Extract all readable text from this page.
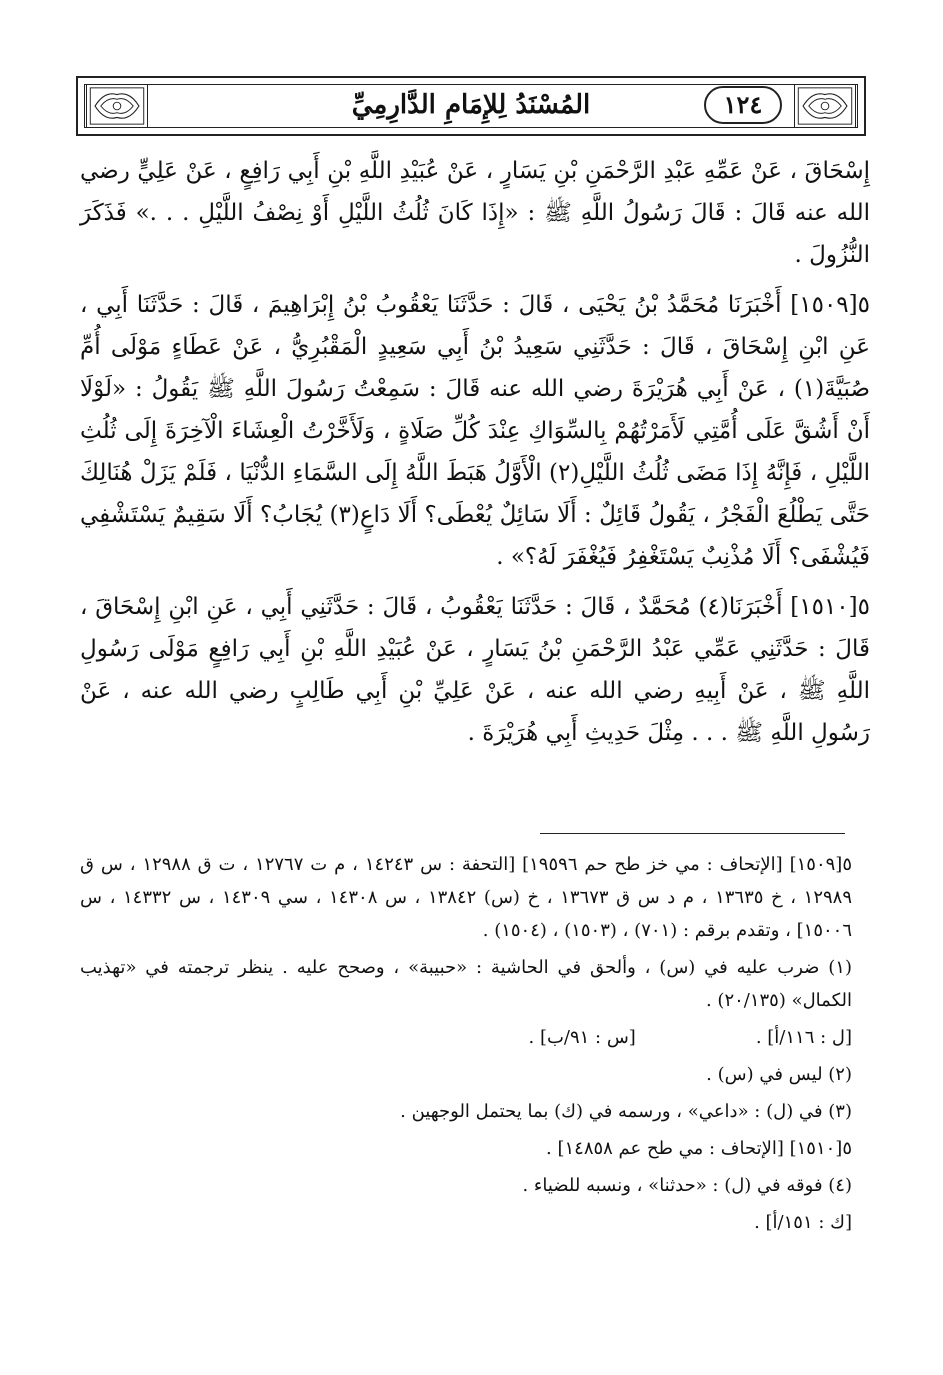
المُسْنَدُ لِلإِمَامِ الدَّارِمِيِّ	١٢٤

إِسْحَاقَ ، عَنْ عَمِّهِ عَبْدِ الرَّحْمَنِ بْنِ يَسَارٍ ، عَنْ عُبَيْدِ اللَّهِ بْنِ أَبِي رَافِعٍ ، عَنْ عَلِيٍّ رضي الله عنه قَالَ : قَالَ رَسُولُ اللَّهِ ﷺ : «إِذَا كَانَ ثُلُثُ اللَّيْلِ أَوْ نِصْفُ اللَّيْلِ . . .» فَذَكَرَ النُّزُولَ .

٥[١٥٠٩] أَخْبَرَنَا مُحَمَّدُ بْنُ يَحْيَى ، قَالَ : حَدَّثَنَا يَعْقُوبُ بْنُ إِبْرَاهِيمَ ، قَالَ : حَدَّثَنَا أَبِي ، عَنِ ابْنِ إِسْحَاقَ ، قَالَ : حَدَّثَنِي سَعِيدُ بْنُ أَبِي سَعِيدٍ الْمَقْبُرِيُّ ، عَنْ عَطَاءٍ مَوْلَى أُمِّ صُبَيَّةَ(١) ، عَنْ أَبِي هُرَيْرَةَ رضي الله عنه قَالَ : سَمِعْتُ رَسُولَ اللَّهِ ﷺ يَقُولُ : «لَوْلَا أَنْ أَشُقَّ عَلَى أُمَّتِي لَأَمَرْتُهُمْ بِالسِّوَاكِ عِنْدَ كُلِّ صَلَاةٍ ، وَلَأَخَّرْتُ الْعِشَاءَ الْآخِرَةَ إِلَى ثُلُثِ اللَّيْلِ ، فَإِنَّهُ إِذَا مَضَى ثُلُثُ اللَّيْلِ(٢) الْأَوَّلُ هَبَطَ اللَّهُ إِلَى السَّمَاءِ الدُّنْيَا ، فَلَمْ يَزَلْ هُنَالِكَ حَتَّى يَطْلُعَ الْفَجْرُ ، يَقُولُ قَائِلٌ : أَلَا سَائِلٌ يُعْطَى؟ أَلَا دَاعٍ(٣) يُجَابُ؟ أَلَا سَقِيمٌ يَسْتَشْفِي فَيُشْفَى؟ أَلَا مُذْنِبٌ يَسْتَغْفِرُ فَيُغْفَرَ لَهُ؟» .

٥[١٥١٠] أَخْبَرَنَا(٤) مُحَمَّدٌ ، قَالَ : حَدَّثَنَا يَعْقُوبُ ، قَالَ : حَدَّثَنِي أَبِي ، عَنِ ابْنِ إِسْحَاقَ ، قَالَ : حَدَّثَنِي عَمِّي عَبْدُ الرَّحْمَنِ بْنُ يَسَارٍ ، عَنْ عُبَيْدِ اللَّهِ بْنِ أَبِي رَافِعٍ مَوْلَى رَسُولِ اللَّهِ ﷺ ، عَنْ أَبِيهِ رضي الله عنه ، عَنْ عَلِيِّ بْنِ أَبِي طَالِبٍ رضي الله عنه ، عَنْ رَسُولِ اللَّهِ ﷺ . . . مِثْلَ حَدِيثِ أَبِي هُرَيْرَةَ .

٥[١٥٠٩] [الإتحاف : مي خز طح حم ١٩٥٩٦] [التحفة : س ١٤٢٤٣ ، م ت ١٢٧٦٧ ، ت ق ١٢٩٨٨ ، س ق ١٢٩٨٩ ، خ ١٣٦٣٥ ، م د س ق ١٣٦٧٣ ، خ (س) ١٣٨٤٢ ، س ١٤٣٠٨ ، سي ١٤٣٠٩ ، س ١٤٣٣٢ ، س ١٥٠٠٦] ، وتقدم برقم : (٧٠١) ، (١٥٠٣) ، (١٥٠٤) .

(١) ضرب عليه في (س) ، وألحق في الحاشية : «حبيبة» ، وصحح عليه . ينظر ترجمته في «تهذيب الكمال» (٢٠/١٣٥) .

[ل : ١١٦/أ] .
[س : ٩١/ب] .

(٢) ليس في (س) .

(٣) في (ل) : «داعي» ، ورسمه في (ك) بما يحتمل الوجهين .

٥[١٥١٠] [الإتحاف : مي طح عم ١٤٨٥٨] .

(٤) فوقه في (ل) : «حدثنا» ، ونسبه للضياء .

[ك : ١٥١/أ] .
